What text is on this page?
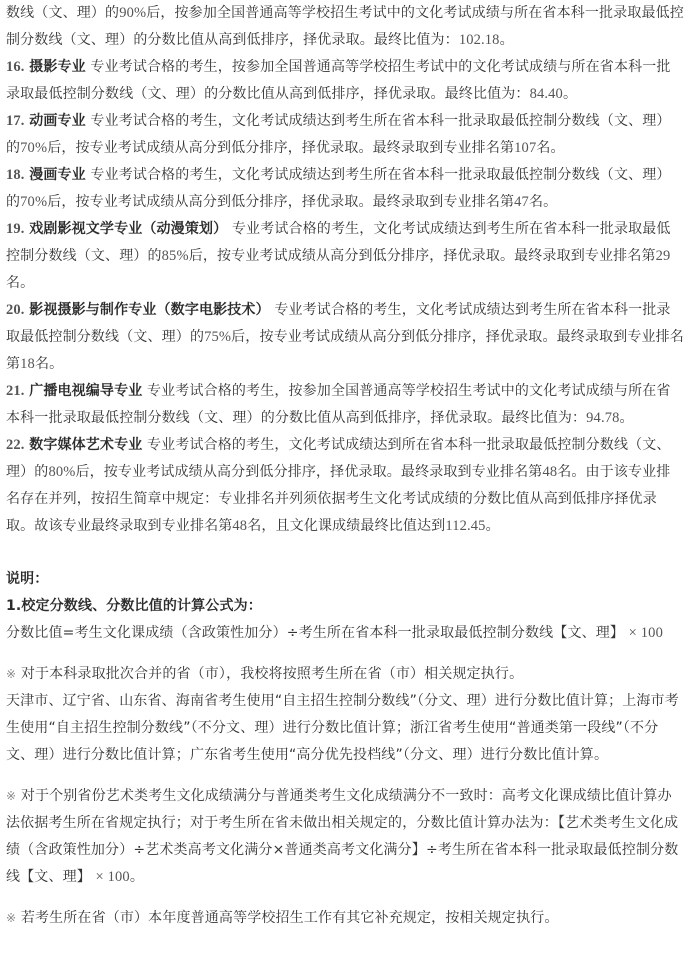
数线（文、理）的90%后，按参加全国普通高等学校招生考试中的文化考试成绩与所在省本科一批录取最低控制分数线（文、理）的分数比值从高到低排序，择优录取。最终比值为：102.18。

16. 摄影专业 专业考试合格的考生，按参加全国普通高等学校招生考试中的文化考试成绩与所在省本科一批录取最低控制分数线（文、理）的分数比值从高到低排序，择优录取。最终比值为：84.40。

17. 动画专业 专业考试合格的考生，文化考试成绩达到考生所在省本科一批录取最低控制分数线（文、理）的70%后，按专业考试成绩从高分到低分排序，择优录取。最终录取到专业排名第107名。

18. 漫画专业 专业考试合格的考生，文化考试成绩达到考生所在省本科一批录取最低控制分数线（文、理）的70%后，按专业考试成绩从高分到低分排序，择优录取。最终录取到专业排名第47名。

19. 戏剧影视文学专业（动漫策划） 专业考试合格的考生，文化考试成绩达到考生所在省本科一批录取最低控制分数线（文、理）的85%后，按专业考试成绩从高分到低分排序，择优录取。最终录取到专业排名第29名。

20. 影视摄影与制作专业（数字电影技术） 专业考试合格的考生，文化考试成绩达到考生所在省本科一批录取最低控制分数线（文、理）的75%后，按专业考试成绩从高分到低分排序，择优录取。最终录取到专业排名第18名。

21. 广播电视编导专业 专业考试合格的考生，按参加全国普通高等学校招生考试中的文化考试成绩与所在省本科一批录取最低控制分数线（文、理）的分数比值从高到低排序，择优录取。最终比值为：94.78。

22. 数字媒体艺术专业 专业考试合格的考生，文化考试成绩达到所在省本科一批录取最低控制分数线（文、理）的80%后，按专业考试成绩从高分到低分排序，择优录取。最终录取到专业排名第48名。由于该专业排名存在并列，按招生简章中规定：专业排名并列须依据考生文化考试成绩的分数比值从高到低排序择优录取。故该专业最终录取到专业排名第48名，且文化课成绩最终比值达到112.45。

说明：

1.校定分数线、分数比值的计算公式为：

分数比值=考生文化课成绩（含政策性加分）÷考生所在省本科一批录取最低控制分数线【文、理】 × 100

※ 对于本科录取批次合并的省（市），我校将按照考生所在省（市）相关规定执行。

天津市、辽宁省、山东省、海南省考生使用“自主招生控制分数线”（分文、理）进行分数比值计算；上海市考生使用“自主招生控制分数线”（不分文、理）进行分数比值计算；浙江省考生使用“普通类第一段线”（不分文、理）进行分数比值计算；广东省考生使用“高分优先投档线”（分文、理）进行分数比值计算。

※ 对于个别省份艺术类考生文化成绩满分与普通类考生文化成绩满分不一致时：高考文化课成绩比值计算办法依据考生所在省规定执行；对于考生所在省未做出相关规定的，分数比值计算办法为：【艺术类考生文化成绩（含政策性加分）÷艺术类高考文化满分×普通类高考文化满分】÷考生所在省本科一批录取最低控制分数线【文、理】 × 100。

※ 若考生所在省（市）本年度普通高等学校招生工作有其它补充规定，按相关规定执行。
